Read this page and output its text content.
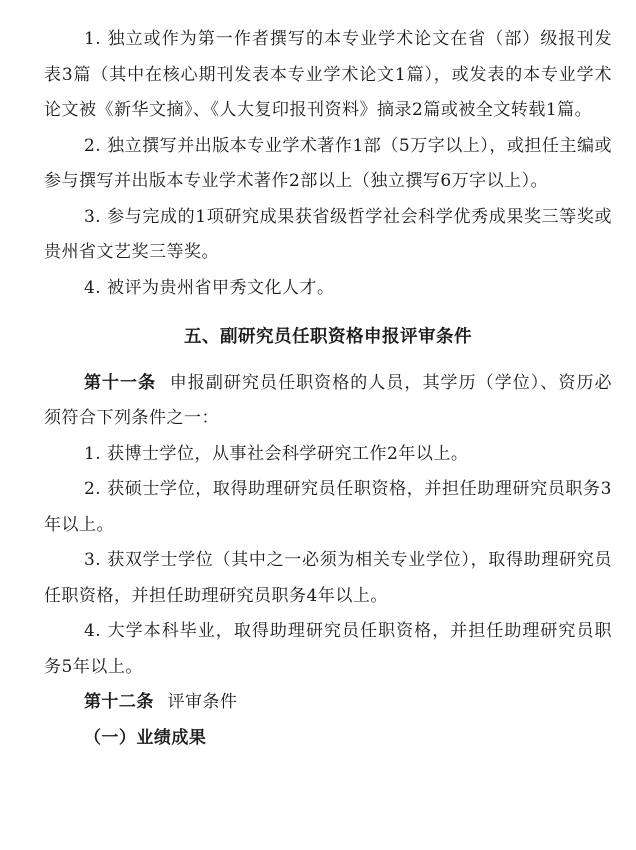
1. 独立或作为第一作者撰写的本专业学术论文在省（部）级报刊发表3篇（其中在核心期刊发表本专业学术论文1篇），或发表的本专业学术论文被《新华文摘》、《人大复印报刊资料》摘录2篇或被全文转载1篇。

2. 独立撰写并出版本专业学术著作1部（5万字以上），或担任主编或参与撰写并出版本专业学术著作2部以上（独立撰写6万字以上）。

3. 参与完成的1项研究成果获省级哲学社会科学优秀成果奖三等奖或贵州省文艺奖三等奖。

4. 被评为贵州省甲秀文化人才。

五、副研究员任职资格申报评审条件

第十一条 申报副研究员任职资格的人员，其学历（学位）、资历必须符合下列条件之一：

1. 获博士学位，从事社会科学研究工作2年以上。

2. 获硕士学位，取得助理研究员任职资格，并担任助理研究员职务3年以上。

3. 获双学士学位（其中之一必须为相关专业学位），取得助理研究员任职资格，并担任助理研究员职务4年以上。

4. 大学本科毕业，取得助理研究员任职资格，并担任助理研究员职务5年以上。

第十二条 评审条件

（一）业绩成果
